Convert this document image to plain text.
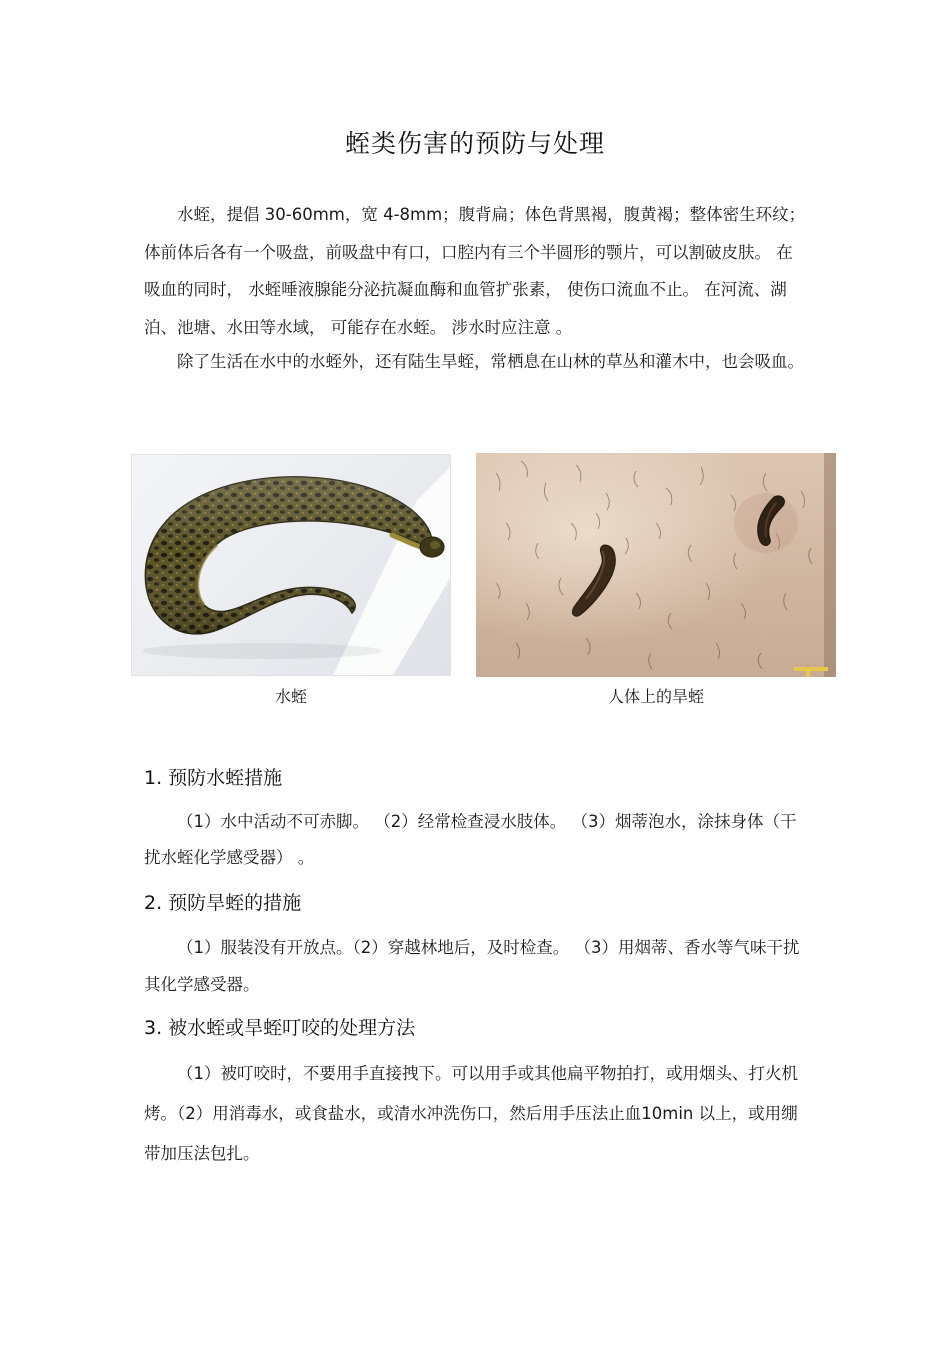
蛭类伤害的预防与处理

水蛭，提倡 30-60mm，宽 4-8mm；腹背扁；体色背黑褐，腹黄褐；整体密生环纹；体前体后各有一个吸盘，前吸盘中有口，口腔内有三个半圆形的颚片，可以割破皮肤。 在吸血的同时， 水蛭唾液腺能分泌抗凝血酶和血管扩张素， 使伤口流血不止。 在河流、湖泊、池塘、水田等水域， 可能存在水蛭。 涉水时应注意 。

除了生活在水中的水蛭外，还有陆生旱蛭，常栖息在山林的草丛和灌木中，也会吸血。

水蛭	人体上的旱蛭
1. 预防水蛭措施

（1）水中活动不可赤脚。 （2）经常检查浸水肢体。 （3）烟蒂泡水，涂抹身体（干扰水蛭化学感受器） 。

2. 预防旱蛭的措施

（1）服装没有开放点。（2）穿越林地后，及时检查。 （3）用烟蒂、香水等气味干扰其化学感受器。

3. 被水蛭或旱蛭叮咬的处理方法

（1）被叮咬时，不要用手直接拽下。可以用手或其他扁平物拍打，或用烟头、打火机烤。（2）用消毒水，或食盐水，或清水冲洗伤口，然后用手压法止血10min 以上，或用绷带加压法包扎。
